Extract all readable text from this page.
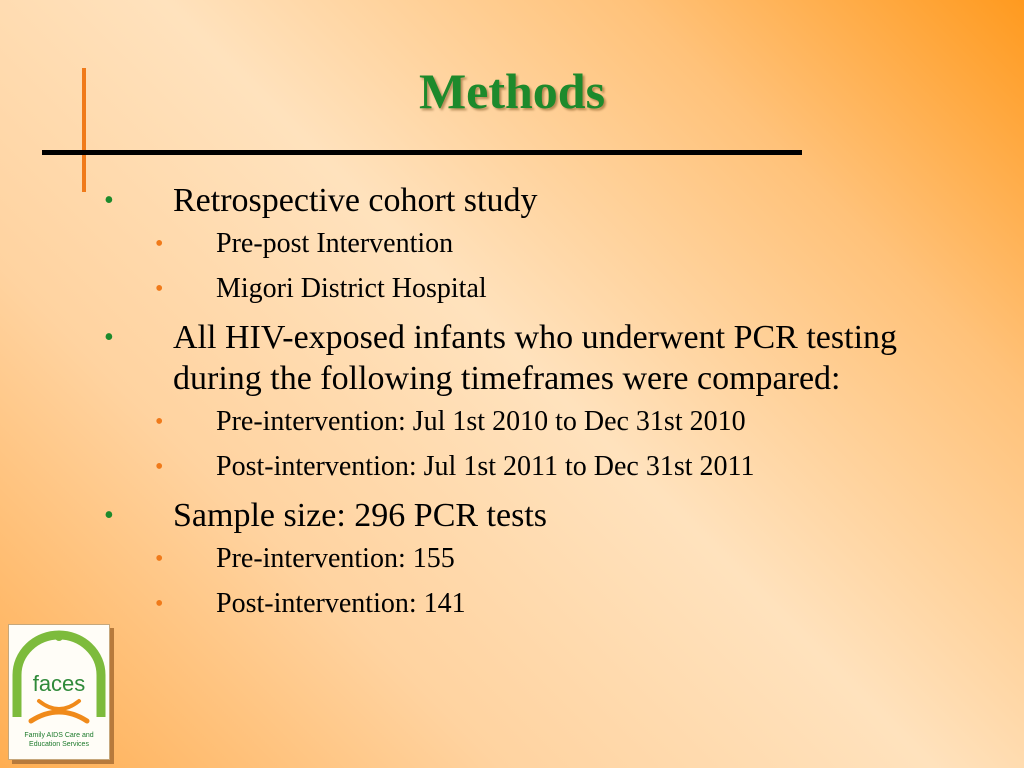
Methods
• Retrospective cohort study
• Pre-post Intervention
• Migori District Hospital
• All HIV-exposed infants who underwent PCR testing during the following timeframes were compared:
• Pre-intervention: Jul 1st 2010 to Dec 31st 2010
• Post-intervention: Jul 1st 2011 to Dec 31st 2011
• Sample size: 296 PCR tests
• Pre-intervention: 155
• Post-intervention: 141
faces
Family AIDS Care and
Education Services
